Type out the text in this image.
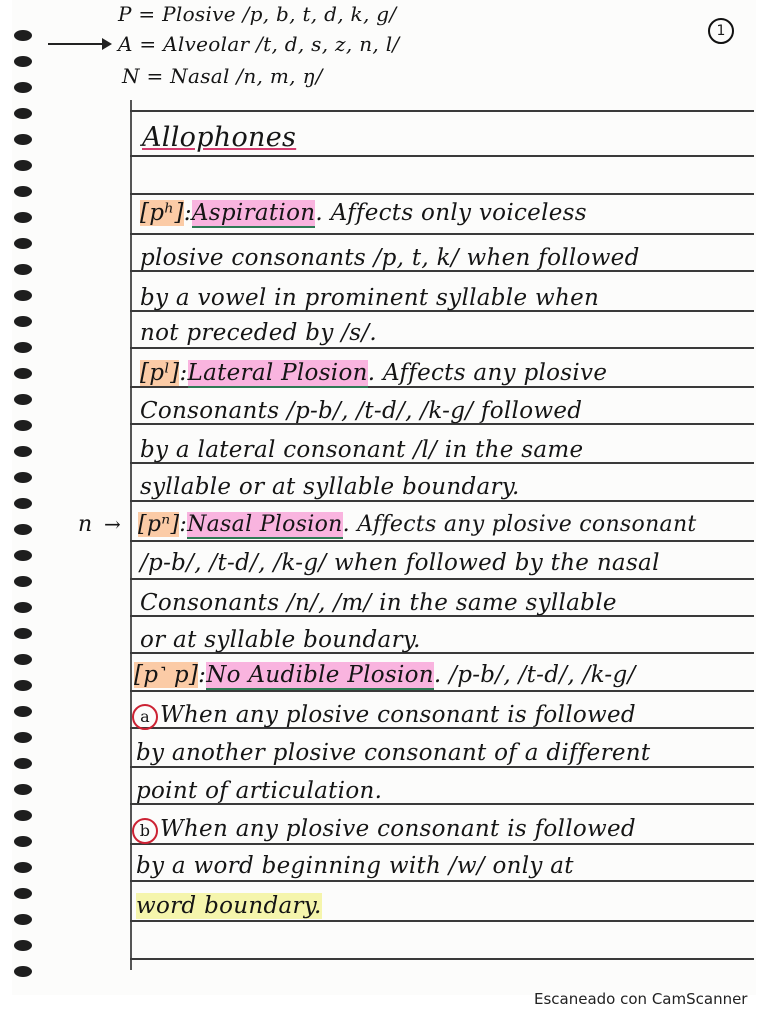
P = Plosive /p, b, t, d, k, g/
A = Alveolar /t, d, s, z, n, l/
N = Nasal /n, m, ŋ/
1
Allophones
[pʰ]:Aspiration. Affects only voiceless
plosive consonants /p, t, k/ when followed
by a vowel in prominent syllable when
not preceded by /s/.
[pˡ]:Lateral Plosion. Affects any plosive
Consonants /p-b/, /t-d/, /k-g/ followed
by a lateral consonant /l/ in the same
syllable or at syllable boundary.
n → [pⁿ]:Nasal Plosion. Affects any plosive consonant
/p-b/, /t-d/, /k-g/ when followed by the nasal
Consonants /n/, /m/ in the same syllable
or at syllable boundary.
[p˺ p]:No Audible Plosion. /p-b/, /t-d/, /k-g/
a When any plosive consonant is followed
by another plosive consonant of a different
point of articulation.
b When any plosive consonant is followed
by a word beginning with /w/ only at
word boundary.
Escaneado con CamScanner
